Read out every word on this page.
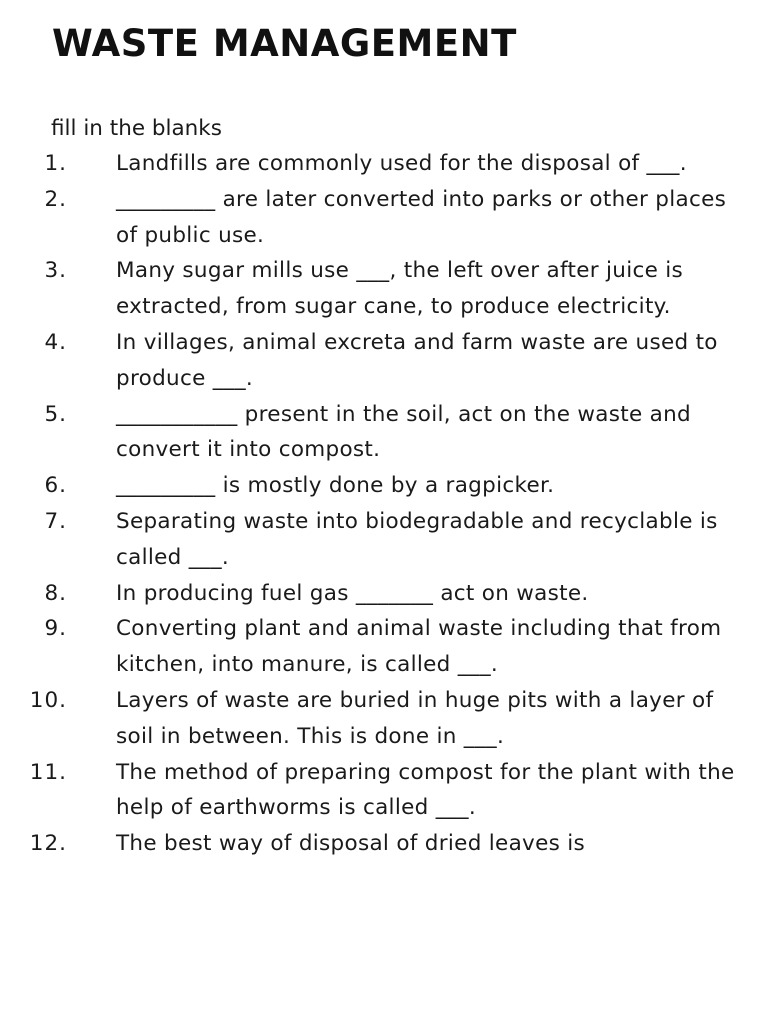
WASTE MANAGEMENT
fill in the blanks
1. Landfills are commonly used for the disposal of ___.
2. _________ are later converted into parks or other places of public use.
3. Many sugar mills use ___, the left over after juice is extracted, from sugar cane, to produce electricity.
4. In villages, animal excreta and farm waste are used to produce ___.
5. ___________ present in the soil, act on the waste and convert it into compost.
6. _________ is mostly done by a ragpicker.
7. Separating waste into biodegradable and recyclable is called ___.
8. In producing fuel gas _______ act on waste.
9. Converting plant and animal waste including that from kitchen, into manure, is called ___.
10. Layers of waste are buried in huge pits with a layer of soil in between. This is done in ___.
11. The method of preparing compost for the plant with the help of earthworms is called ___.
12. The best way of disposal of dried leaves is
